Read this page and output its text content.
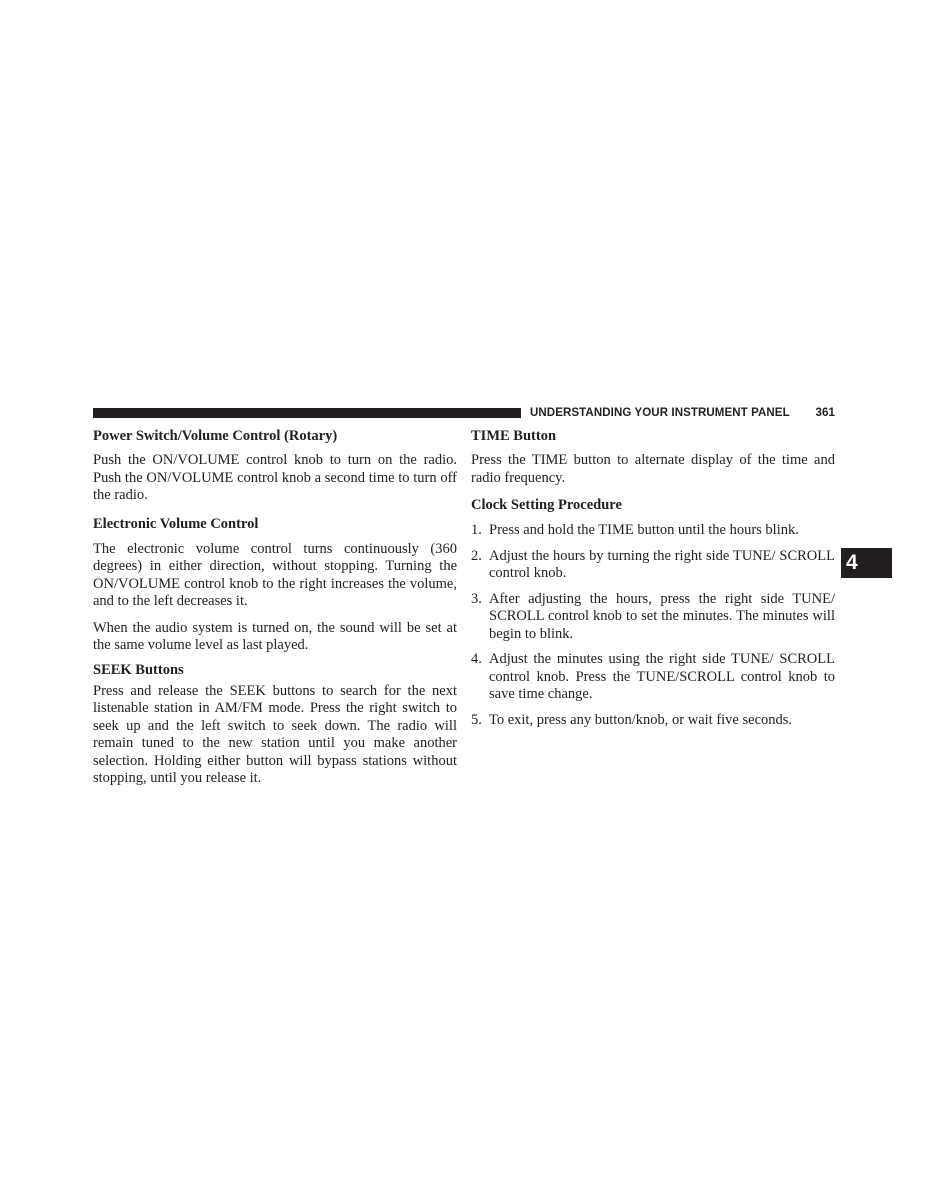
UNDERSTANDING YOUR INSTRUMENT PANEL 361
4
Power Switch/Volume Control (Rotary)

Push the ON/VOLUME control knob to turn on the radio. Push the ON/VOLUME control knob a second time to turn off the radio.

Electronic Volume Control

The electronic volume control turns continuously (360 degrees) in either direction, without stopping. Turning the ON/VOLUME control knob to the right increases the volume, and to the left decreases it.

When the audio system is turned on, the sound will be set at the same volume level as last played.

SEEK Buttons

Press and release the SEEK buttons to search for the next listenable station in AM/FM mode. Press the right switch to seek up and the left switch to seek down. The radio will remain tuned to the new station until you make another selection. Holding either button will bypass stations without stopping, until you release it.

TIME Button

Press the TIME button to alternate display of the time and radio frequency.

Clock Setting Procedure
1. Press and hold the TIME button until the hours blink.
2. Adjust the hours by turning the right side TUNE/ SCROLL control knob.
3. After adjusting the hours, press the right side TUNE/ SCROLL control knob to set the minutes. The minutes will begin to blink.
4. Adjust the minutes using the right side TUNE/ SCROLL control knob. Press the TUNE/SCROLL control knob to save time change.
5. To exit, press any button/knob, or wait five seconds.
